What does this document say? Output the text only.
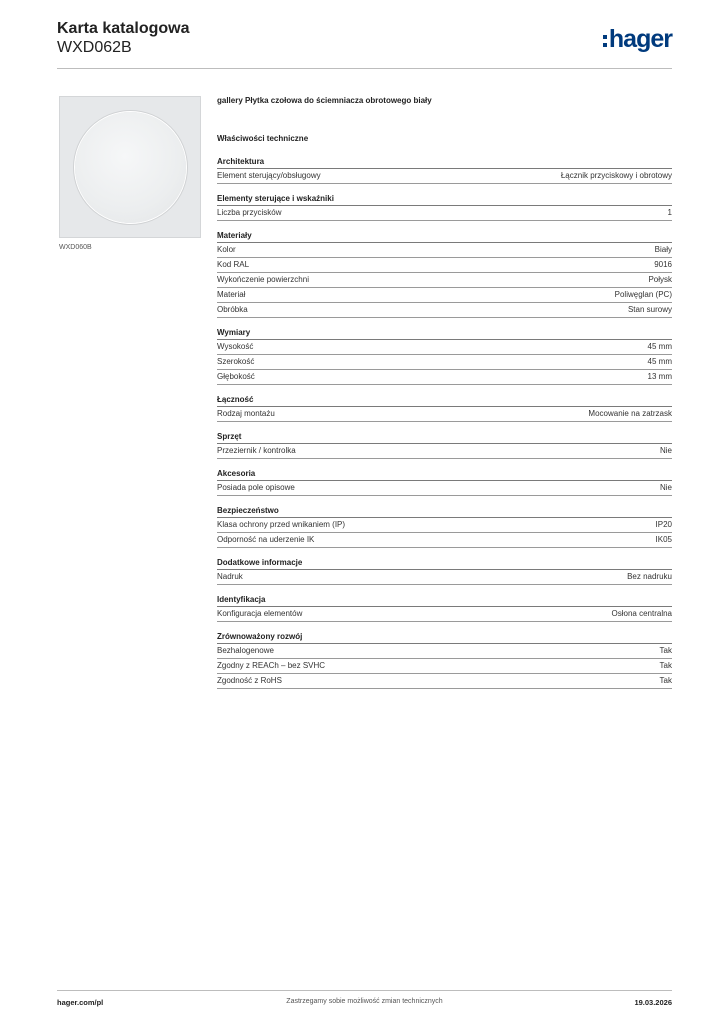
Karta katalogowa
WXD062B	hager
WXD060B
gallery Płytka czołowa do ściemniacza obrotowego biały
Właściwości techniczne
Architektura
Element sterujący/obsługowy	Łącznik przyciskowy i obrotowy
Elementy sterujące i wskaźniki
Liczba przycisków	1
Materiały
Kolor	Biały
Kod RAL	9016
Wykończenie powierzchni	Połysk
Materiał	Poliwęglan (PC)
Obróbka	Stan surowy
Wymiary
Wysokość	45 mm
Szerokość	45 mm
Głębokość	13 mm
Łączność
Rodzaj montażu	Mocowanie na zatrzask
Sprzęt
Przeziernik / kontrolka	Nie
Akcesoria
Posiada pole opisowe	Nie
Bezpieczeństwo
Klasa ochrony przed wnikaniem (IP)	IP20
Odporność na uderzenie IK	IK05
Dodatkowe informacje
Nadruk	Bez nadruku
Identyfikacja
Konfiguracja elementów	Osłona centralna
Zrównoważony rozwój
Bezhalogenowe	Tak
Zgodny z REACh – bez SVHC	Tak
Zgodność z RoHS	Tak
hager.com/pl	Zastrzegamy sobie możliwość zmian technicznych	19.03.2026
